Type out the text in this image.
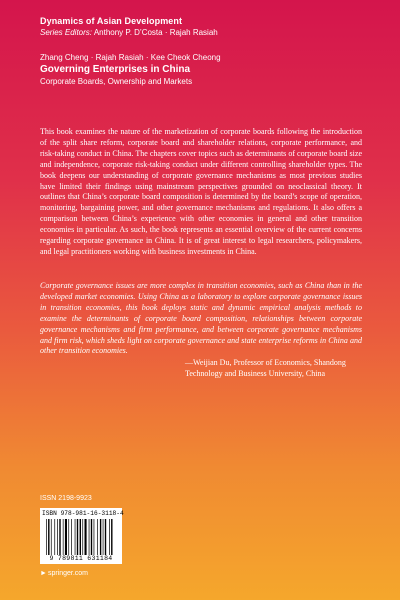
Dynamics of Asian Development
Series Editors: Anthony P. D’Costa · Rajah Rasiah
Zhang Cheng · Rajah Rasiah · Kee Cheok Cheong
Governing Enterprises in China
Corporate Boards, Ownership and Markets

This book examines the nature of the marketization of corporate boards following the introduction of the split share reform, corporate board and shareholder relations, corporate performance, and risk-taking conduct in China. The chapters cover topics such as determinants of corporate board size and independence, corporate risk-taking conduct under different controlling shareholder types. The book deepens our understanding of corporate governance mechanisms as most previous studies have limited their findings using mainstream perspectives grounded on neoclassical theory. It outlines that China’s corporate board composition is determined by the board’s scope of operation, monitoring, bargaining power, and other governance mechanisms and regulations. It also offers a comparison between China’s experience with other economies in general and other transition economies in particular. As such, the book represents an essential overview of the current concerns regarding corporate governance in China. It is of great interest to legal researchers, policymakers, and legal practitioners working with business investments in China.

Corporate governance issues are more complex in transition economies, such as China than in the developed market economies. Using China as a laboratory to explore corporate governance issues in transition economies, this book deploys static and dynamic empirical analysis methods to examine the determinants of corporate board composition, relationships between corporate governance mechanisms and firm performance, and between corporate governance mechanisms and firm risk, which sheds light on corporate governance and state enterprise reforms in China and other transition economies.

—Weijian Du, Professor of Economics, Shandong Technology and Business University, China

ISSN 2198-9923
ISBN 978-981-16-3118-4
9 789811 631184
► springer.com
